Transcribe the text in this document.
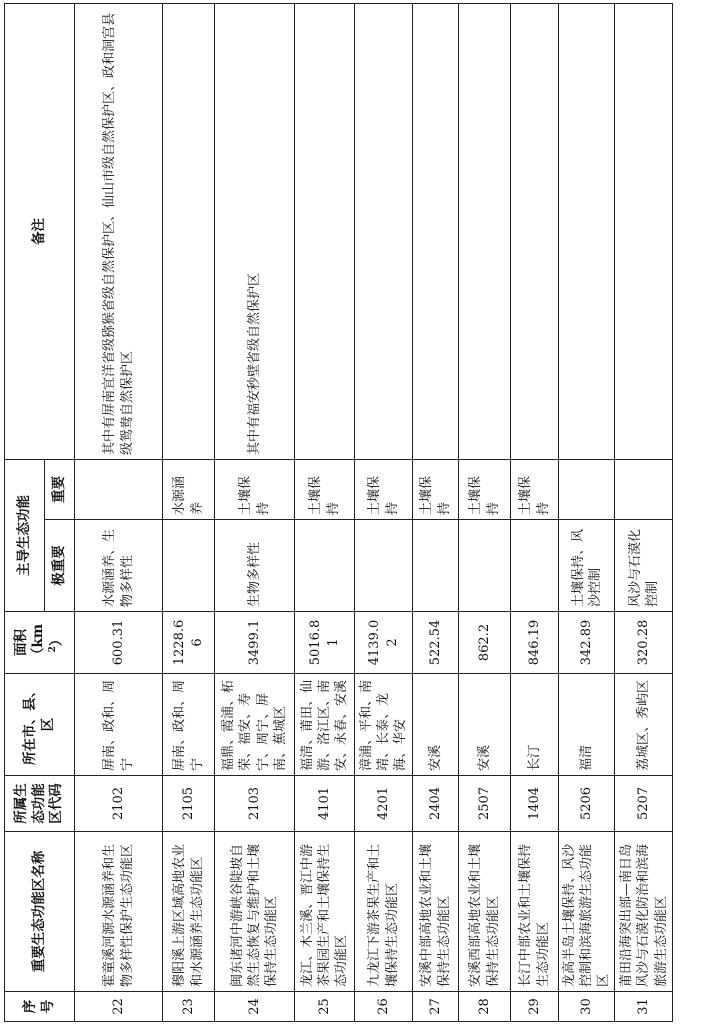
序号	重要生态功能区名称	所属生态功能区代码	所在市、县、区	面积 （km $^2$）	主导生态功能		备注
					极重要	重要	
22	霍童溪河源水源涵养和生物多样性保护生态功能区	2102	屏南、政和、周宁	600.31	水源涵养、生物多样性		其中有屏南宜洋省级猕猴省级自然保护区、仙山市级自然保护区、政和洞宫县级鸳鸯自然保护区
23	穆阳溪上游区域高地农业和水源涵养生态功能区	2105	屏南、政和、周宁	1228.66		水源涵养	
24	闽东诸河中游峡谷陡坡自然生态恢复与维护和土壤保持生态功能区	2103	福鼎、霞浦、柘荣、福安、寿宁、周宁、屏南、蕉城区	3499.1	生物多样性	土壤保持	其中有福安秒壁省级自然保护区
25	龙江、木兰溪、晋江中游茶果园生产和土壤保持生态功能区	4101	福清、莆田、仙游、洛江区、南安、永春、安溪	5016.81		土壤保持	
26	九龙江下游茶果生产和土壤保持生态功能区	4201	漳浦、平和、南靖、长泰、龙海、华安	4139.02		土壤保持	
27	安溪中部高地农业和土壤保持生态功能区	2404	安溪	522.54		土壤保持	
28	安溪西部高地农业和土壤保持生态功能区	2507	安溪	862.2		土壤保持	
29	长汀中部农业和土壤保持生态功能区	1404	长汀	846.19		土壤保持	
30	龙高半岛土壤保持、风沙控制和滨海旅游生态功能区	5206	福清	342.89	土壤保持、风沙控制		
31	莆田沿海突出部—南日岛风沙与石漠化防治和滨海旅游生态功能区	5207	荔城区、秀屿区	320.28	风沙与石漠化控制		
